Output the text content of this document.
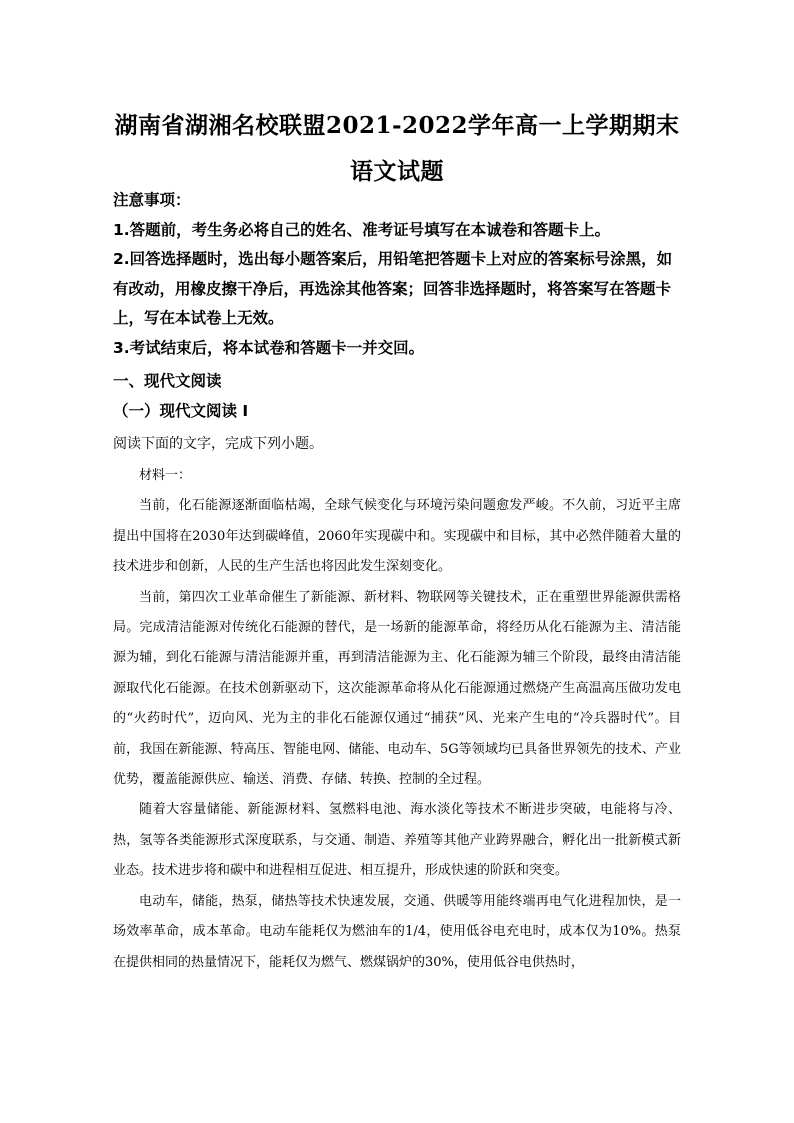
湖南省湖湘名校联盟2021-2022学年高一上学期期末语文试题

注意事项：

1.答题前，考生务必将自己的姓名、准考证号填写在本诚卷和答题卡上。

2.回答选择题时，选出每小题答案后，用铅笔把答题卡上对应的答案标号涂黑，如有改动，用橡皮擦干净后，再选涂其他答案；回答非选择题时，将答案写在答题卡上，写在本试卷上无效。

3.考试结束后，将本试卷和答题卡一并交回。

一、现代文阅读

（一）现代文阅读 I

阅读下面的文字，完成下列小题。

材料一：

当前，化石能源逐渐面临枯竭，全球气候变化与环境污染问题愈发严峻。不久前，习近平主席提出中国将在2030年达到碳峰值，2060年实现碳中和。实现碳中和目标，其中必然伴随着大量的技术进步和创新，人民的生产生活也将因此发生深刻变化。

当前，第四次工业革命催生了新能源、新材料、物联网等关键技术，正在重塑世界能源供需格局。完成清洁能源对传统化石能源的替代，是一场新的能源革命，将经历从化石能源为主、清洁能源为辅，到化石能源与清洁能源并重，再到清洁能源为主、化石能源为辅三个阶段，最终由清洁能源取代化石能源。在技术创新驱动下，这次能源革命将从化石能源通过燃烧产生高温高压做功发电的“火药时代”，迈向风、光为主的非化石能源仅通过“捕获”风、光来产生电的“冷兵器时代”。目前，我国在新能源、特高压、智能电网、储能、电动车、5G等领域均已具备世界领先的技术、产业优势，覆盖能源供应、输送、消费、存储、转换、控制的全过程。

随着大容量储能、新能源材料、氢燃料电池、海水淡化等技术不断进步突破，电能将与冷、热，氢等各类能源形式深度联系，与交通、制造、养殖等其他产业跨界融合，孵化出一批新模式新业态。技术进步将和碳中和进程相互促进、相互提升，形成快速的阶跃和突变。

电动车，储能，热泵，储热等技术快速发展，交通、供暖等用能终端再电气化进程加快，是一场效率革命，成本革命。电动车能耗仅为燃油车的1/4，使用低谷电充电时，成本仅为10%。热泵在提供相同的热量情况下，能耗仅为燃气、燃煤锅炉的30%，使用低谷电供热时，
